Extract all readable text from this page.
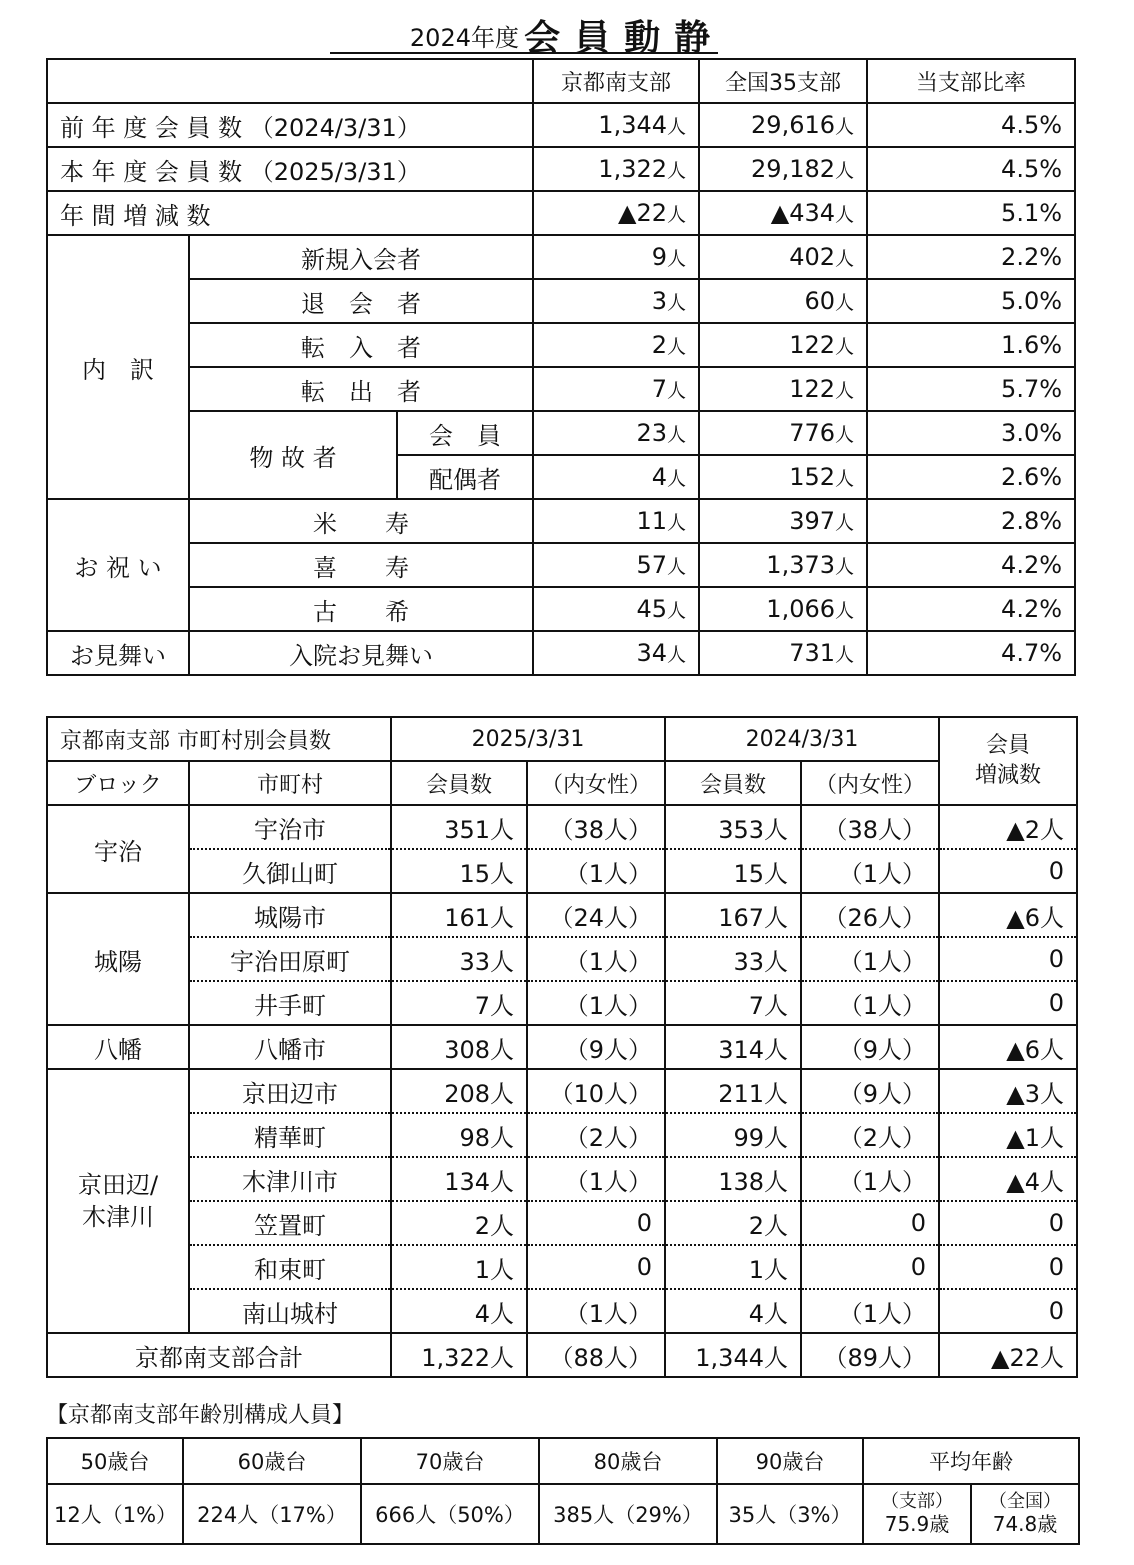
2024年度 会員動静
			京都南支部	全国35支部	当支部比率
前 年 度 会 員 数 （2024/3/31）			1,344人	29,616人	4.5%
本 年 度 会 員 数 （2025/3/31）			1,322人	29,182人	4.5%
年 間 増 減 数			▲22人	▲434人	5.1%
内　訳	新規入会者		9人	402人	2.2%
	退　会　者		3人	60人	5.0%
	転　入　者		2人	122人	1.6%
	転　出　者		7人	122人	5.7%
	物 故 者	会　員	23人	776人	3.0%
		配偶者	4人	152人	2.6%
お 祝 い	米　　寿		11人	397人	2.8%
	喜　　寿		57人	1,373人	4.2%
	古　　希		45人	1,066人	4.2%
お見舞い	入院お見舞い		34人	731人	4.7%
京都南支部 市町村別会員数		2025/3/31		2024/3/31		会員
増減数

ブロック	市町村	会員数	（内女性）	会員数	（内女性）	
宇治	宇治市	351人	（38人）	353人	（38人）	▲2人
	久御山町	15人	（1人）	15人	（1人）	0
城陽	城陽市	161人	（24人）	167人	（26人）	▲6人
	宇治田原町	33人	（1人）	33人	（1人）	0
	井手町	7人	（1人）	7人	（1人）	0
八幡	八幡市	308人	（9人）	314人	（9人）	▲6人

京田辺/
木津川	京田辺市	208人	（10人）	211人	（9人）	▲3人
	精華町	98人	（2人）	99人	（2人）	▲1人
	木津川市	134人	（1人）	138人	（1人）	▲4人
	笠置町	2人	0	2人	0	0
	和束町	1人	0	1人	0	0
	南山城村	4人	（1人）	4人	（1人）	0
京都南支部合計		1,322人	（88人）	1,344人	（89人）	▲22人
【京都南支部年齢別構成人員】
50歳台	60歳台	70歳台	80歳台	90歳台	平均年齢
12人（1%）	224人（17%）	666人（50%）	385人（29%）	35人（3%）	（支部）
75.9歳
（全国）
74.8歳
